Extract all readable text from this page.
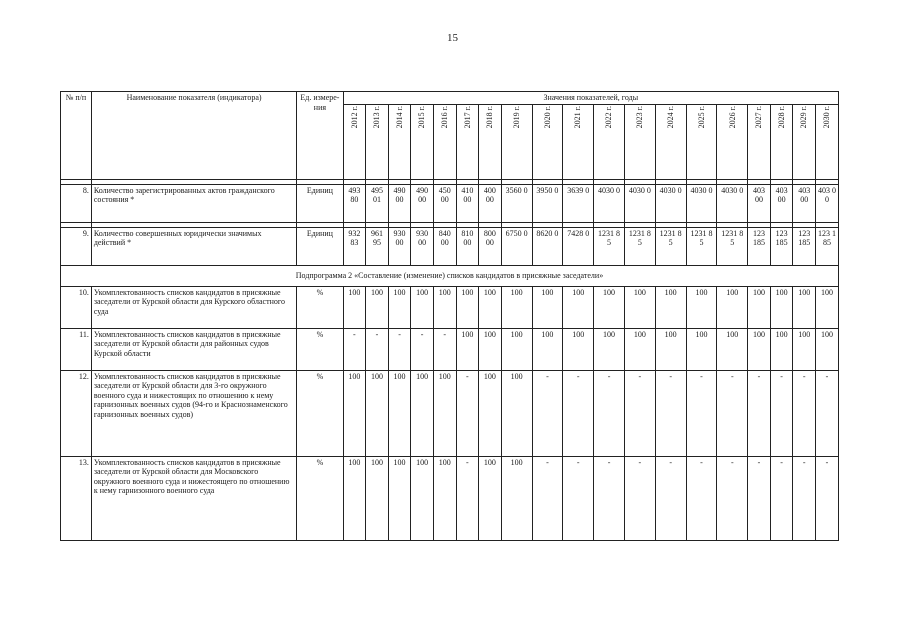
15
№ п/п	Наименование показателя (индикатора)	Ед. измере-ния	Значения показателей, годы																		
			2012 г.	2013 г.	2014 г.	2015 г.	2016 г.	2017 г.	2018 г.	2019 г.	2020 г.	2021 г.	2022 г.	2023 г.	2024 г.	2025 г.	2026 г.	2027 г.	2028 г.	2029 г.	2030 г.

8.	Количество зарегистрированных актов гражданского состояния *	Единиц	493 80	495 01	490 00	490 00	450 00	410 00	400 00	3560 0	3950 0	3639 0	4030 0	4030 0	4030 0	4030 0	4030 0	403 00	403 00	403 00	403 00

9.	Количество совершенных юридически значимых действий *	Единиц	932 83	961 95	930 00	930 00	840 00	810 00	800 00	6750 0	8620 0	7428 0	1231 85	1231 85	1231 85	1231 85	1231 85	123 185	123 185	123 185	123 185
Подпрограмма 2 «Составление (изменение) списков кандидатов в присяжные заседатели»																					
10.	Укомплектованность списков кандидатов в присяжные заседатели от Курской области для Курского областного суда	%	100	100	100	100	100	100	100	100	100	100	100	100	100	100	100	100	100	100	100
11.	Укомплектованность списков кандидатов в присяжные заседатели от Курской области для районных судов Курской области	%	-	-	-	-	-	100	100	100	100	100	100	100	100	100	100	100	100	100	100
12.	Укомплектованность списков кандидатов в присяжные заседатели от Курской области для 3-го окружного военного суда и нижестоящих по отношению к нему гарнизонных военных судов (94-го и Краснознаменского гарнизонных военных судов)	%	100	100	100	100	100	-	100	100	-	-	-	-	-	-	-	-	-	-	-
13.	Укомплектованность списков кандидатов в присяжные заседатели от Курской области для Московского окружного военного суда и нижестоящего по отношению к нему гарнизонного военного суда	%	100	100	100	100	100	-	100	100	-	-	-	-	-	-	-	-	-	-	-
